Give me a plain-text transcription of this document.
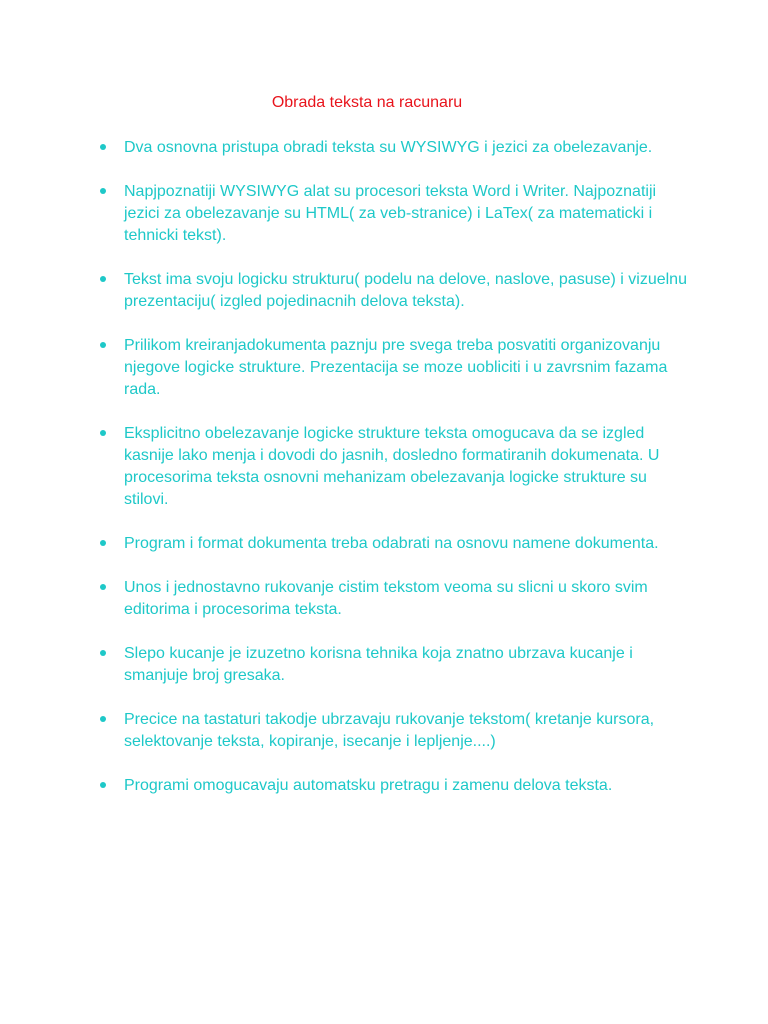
Obrada teksta na racunaru
Dva osnovna pristupa obradi teksta su WYSIWYG i jezici za obelezavanje.
Napjpoznatiji WYSIWYG alat su procesori teksta Word i Writer. Najpoznatiji jezici za obelezavanje su HTML( za veb-stranice) i LaTex( za matematicki i tehnicki tekst).
Tekst ima svoju logicku strukturu( podelu na delove, naslove, pasuse) i vizuelnu prezentaciju( izgled pojedinacnih delova teksta).
Prilikom kreiranjadokumenta paznju pre svega treba posvatiti organizovanju njegove logicke strukture. Prezentacija se moze uobliciti i u zavrsnim fazama rada.
Eksplicitno obelezavanje logicke strukture teksta omogucava da se izgled kasnije lako menja i dovodi do jasnih, dosledno formatiranih dokumenata. U procesorima teksta osnovni mehanizam obelezavanja logicke strukture su stilovi.
Program i format dokumenta treba odabrati na osnovu namene dokumenta.
Unos i jednostavno rukovanje cistim tekstom veoma su slicni u skoro svim editorima i procesorima teksta.
Slepo kucanje je izuzetno korisna tehnika koja znatno ubrzava kucanje i smanjuje broj gresaka.
Precice na tastaturi takodje ubrzavaju rukovanje tekstom( kretanje kursora, selektovanje teksta, kopiranje, isecanje i lepljenje....)
Programi omogucavaju automatsku pretragu i zamenu delova teksta.
